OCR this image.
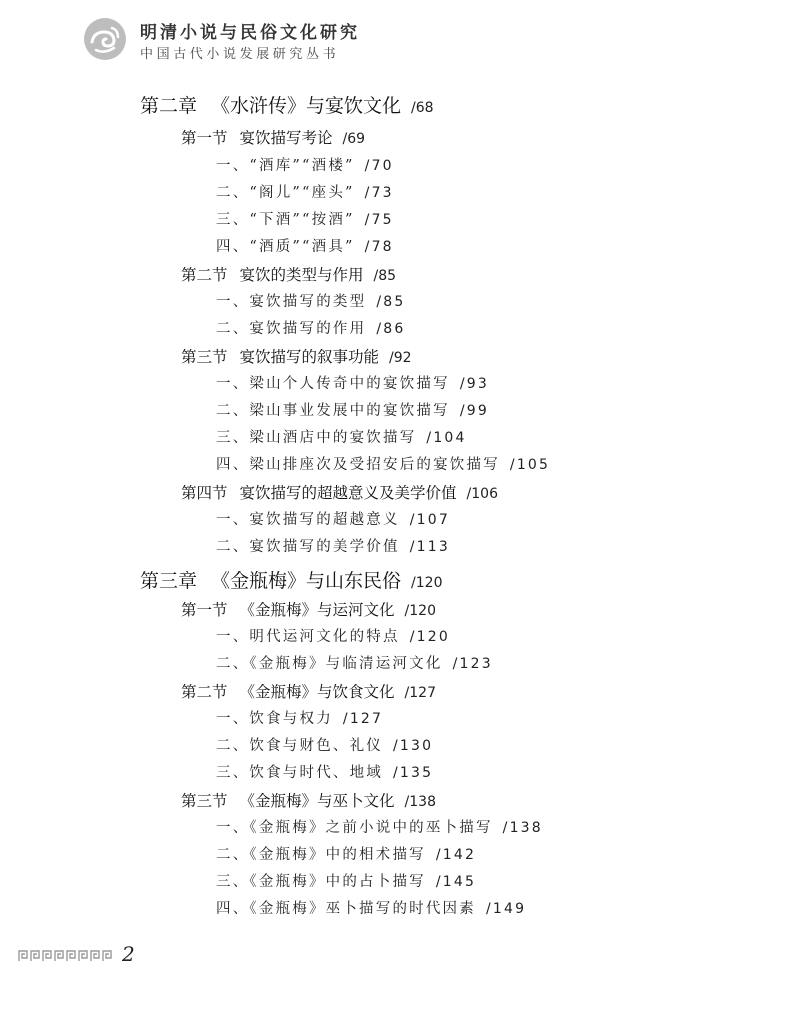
明清小说与民俗文化研究
中国古代小说发展研究丛书
第二章 《水浒传》与宴饮文化 /68
第一节 宴饮描写考论 /69
一、“酒库”“酒楼” /70
二、“阁儿”“座头” /73
三、“下酒”“按酒” /75
四、“酒质”“酒具” /78
第二节 宴饮的类型与作用 /85
一、宴饮描写的类型 /85
二、宴饮描写的作用 /86
第三节 宴饮描写的叙事功能 /92
一、梁山个人传奇中的宴饮描写 /93
二、梁山事业发展中的宴饮描写 /99
三、梁山酒店中的宴饮描写 /104
四、梁山排座次及受招安后的宴饮描写 /105
第四节 宴饮描写的超越意义及美学价值 /106
一、宴饮描写的超越意义 /107
二、宴饮描写的美学价值 /113
第三章 《金瓶梅》与山东民俗 /120
第一节 《金瓶梅》与运河文化 /120
一、明代运河文化的特点 /120
二、《金瓶梅》与临清运河文化 /123
第二节 《金瓶梅》与饮食文化 /127
一、饮食与权力 /127
二、饮食与财色、礼仪 /130
三、饮食与时代、地域 /135
第三节 《金瓶梅》与巫卜文化 /138
一、《金瓶梅》之前小说中的巫卜描写 /138
二、《金瓶梅》中的相术描写 /142
三、《金瓶梅》中的占卜描写 /145
四、《金瓶梅》巫卜描写的时代因素 /149
2
